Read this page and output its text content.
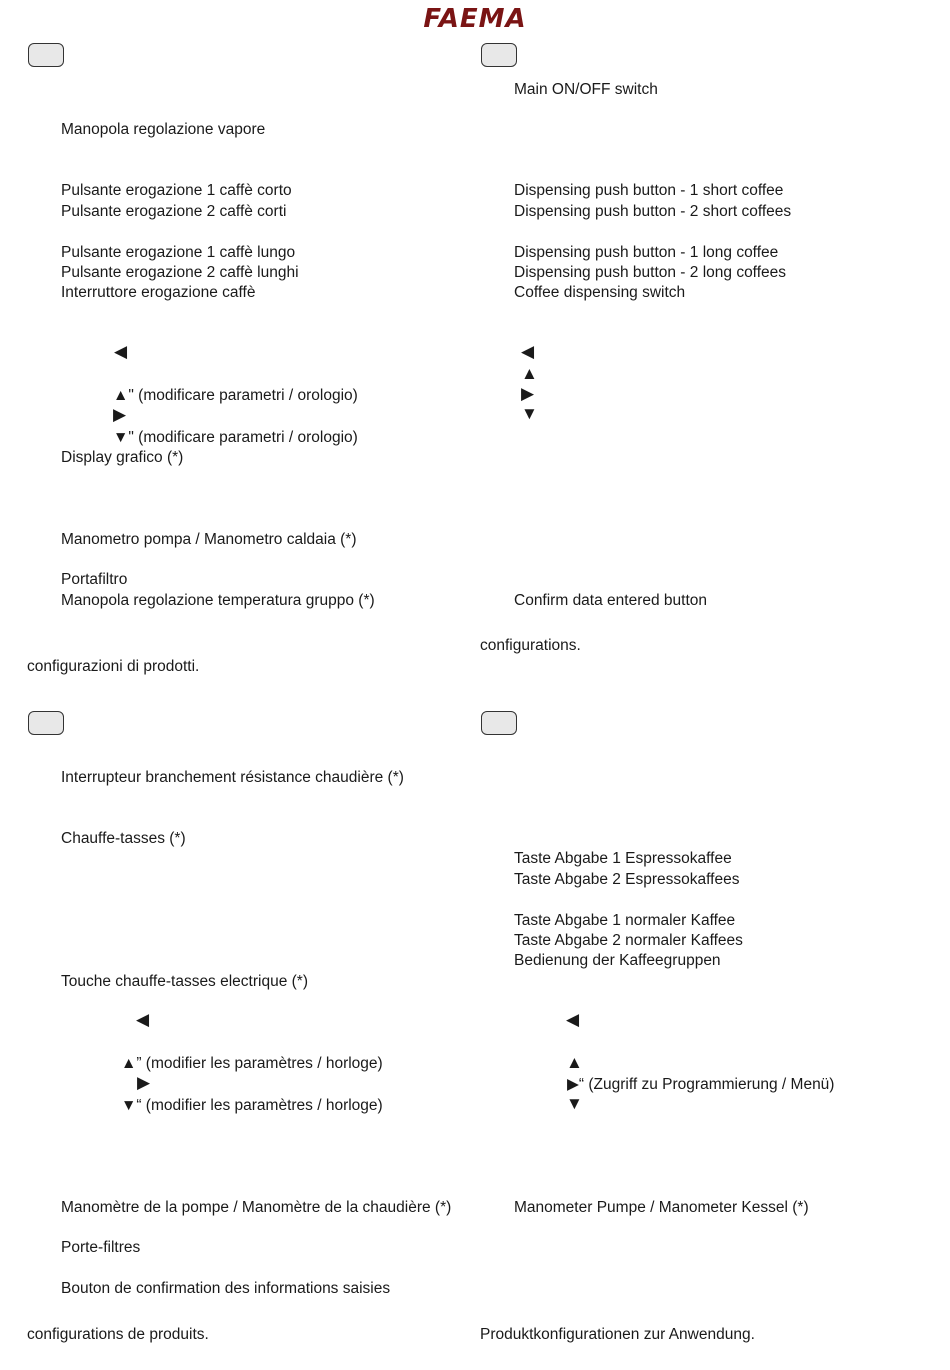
FAEMA
Manopola regolazione vapore
Pulsante erogazione 1 caffè corto
Pulsante erogazione 2 caffè corti
Pulsante erogazione 1 caffè lungo
Pulsante erogazione 2 caffè lunghi
Interruttore erogazione caffè
◀
▲" (modificare parametri / orologio)
▶
▼" (modificare parametri / orologio)
Display grafico (*)
Manometro pompa / Manometro caldaia (*)
Portafiltro
Manopola regolazione temperatura gruppo (*)
configurazioni di prodotti.
Main ON/OFF switch
Dispensing push button - 1 short coffee
Dispensing push button - 2 short coffees
Dispensing push button - 1 long coffee
Dispensing push button - 2 long coffees
Coffee dispensing switch
◀
▲
▶
▼
Confirm data entered button
configurations.
Interrupteur branchement résistance chaudière (*)
Chauffe-tasses (*)
Touche chauffe-tasses electrique (*)
◀
▲” (modifier les paramètres / horloge)
▶
▼“ (modifier les paramètres / horloge)
Manomètre de la pompe / Manomètre de la chaudière (*)
Porte-filtres
Bouton de confirmation des informations saisies
configurations de produits.
Taste Abgabe 1 Espressokaffee
Taste Abgabe 2 Espressokaffees
Taste Abgabe 1 normaler Kaffee
Taste Abgabe 2 normaler Kaffees
Bedienung der Kaffeegruppen
◀
▲
▶“ (Zugriff zu Programmierung / Menü)
▼
Manometer Pumpe / Manometer Kessel (*)
Produktkonfigurationen zur Anwendung.
